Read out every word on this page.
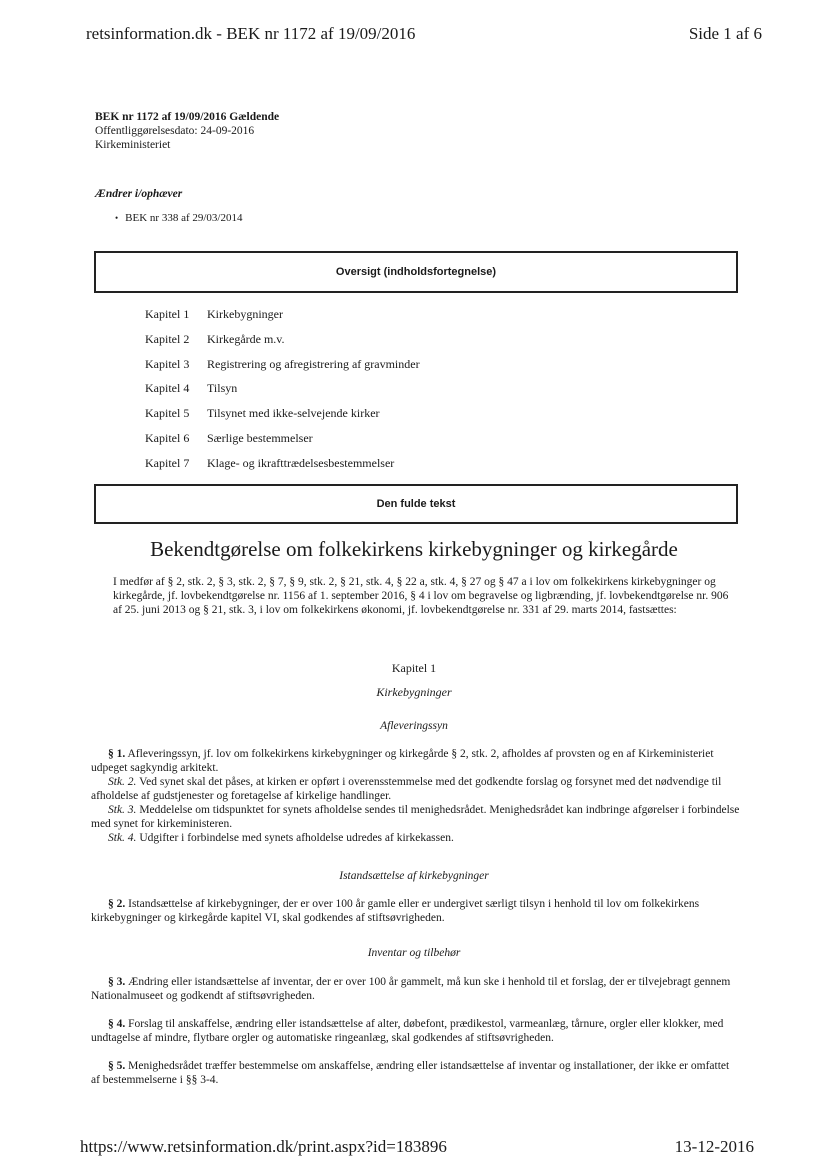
retsinformation.dk - BEK nr 1172 af 19/09/2016	Side 1 af 6
BEK nr 1172 af 19/09/2016 Gældende
Offentliggørelsesdato: 24-09-2016
Kirkeministeriet
Ændrer i/ophæver
• BEK nr 338 af 29/03/2014
Oversigt (indholdsfortegnelse)
Kapitel 1	Kirkebygninger
Kapitel 2	Kirkegårde m.v.
Kapitel 3	Registrering og afregistrering af gravminder
Kapitel 4	Tilsyn
Kapitel 5	Tilsynet med ikke-selvejende kirker
Kapitel 6	Særlige bestemmelser
Kapitel 7	Klage- og ikrafttrædelsesbestemmelser
Den fulde tekst
Bekendtgørelse om folkekirkens kirkebygninger og kirkegårde
I medfør af § 2, stk. 2, § 3, stk. 2, § 7, § 9, stk. 2, § 21, stk. 4, § 22 a, stk. 4, § 27 og § 47 a i lov om folkekirkens kirkebygninger og kirkegårde, jf. lovbekendtgørelse nr. 1156 af 1. september 2016, § 4 i lov om begravelse og ligbrænding, jf. lovbekendtgørelse nr. 906 af 25. juni 2013 og § 21, stk. 3, i lov om folkekirkens økonomi, jf. lovbekendtgørelse nr. 331 af 29. marts 2014, fastsættes:
Kapitel 1
Kirkebygninger
Afleveringssyn

§ 1. Afleveringssyn, jf. lov om folkekirkens kirkebygninger og kirkegårde § 2, stk. 2, afholdes af provsten og en af Kirkeministeriet udpeget sagkyndig arkitekt.

Stk. 2. Ved synet skal det påses, at kirken er opført i overensstemmelse med det godkendte forslag og forsynet med det nødvendige til afholdelse af gudstjenester og foretagelse af kirkelige handlinger.

Stk. 3. Meddelelse om tidspunktet for synets afholdelse sendes til menighedsrådet. Menighedsrådet kan indbringe afgørelser i forbindelse med synet for kirkeministeren.

Stk. 4. Udgifter i forbindelse med synets afholdelse udredes af kirkekassen.

Istandsættelse af kirkebygninger

§ 2. Istandsættelse af kirkebygninger, der er over 100 år gamle eller er undergivet særligt tilsyn i henhold til lov om folkekirkens kirkebygninger og kirkegårde kapitel VI, skal godkendes af stiftsøvrigheden.

Inventar og tilbehør

§ 3. Ændring eller istandsættelse af inventar, der er over 100 år gammelt, må kun ske i henhold til et forslag, der er tilvejebragt gennem Nationalmuseet og godkendt af stiftsøvrigheden.

§ 4. Forslag til anskaffelse, ændring eller istandsættelse af alter, døbefont, prædikestol, varmeanlæg, tårnure, orgler eller klokker, med undtagelse af mindre, flytbare orgler og automatiske ringeanlæg, skal godkendes af stiftsøvrigheden.

§ 5. Menighedsrådet træffer bestemmelse om anskaffelse, ændring eller istandsættelse af inventar og installationer, der ikke er omfattet af bestemmelserne i §§ 3-4.

https://www.retsinformation.dk/print.aspx?id=183896	13-12-2016
